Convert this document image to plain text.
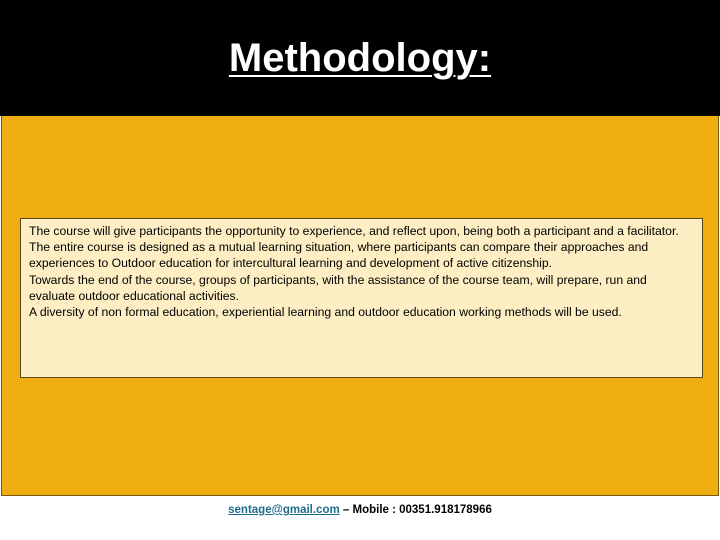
Methodology:

The course will give participants the opportunity to experience, and reflect upon, being both a participant and a facilitator.

The entire course is designed as a mutual learning situation, where participants can compare their approaches and experiences to Outdoor education for intercultural learning and development of active citizenship.

Towards the end of the course, groups of participants, with the assistance of the course team, will prepare, run and evaluate outdoor educational activities.

A diversity of non formal education, experiential learning and outdoor education working methods will be used.

sentage@gmail.com – Mobile : 00351.918178966
